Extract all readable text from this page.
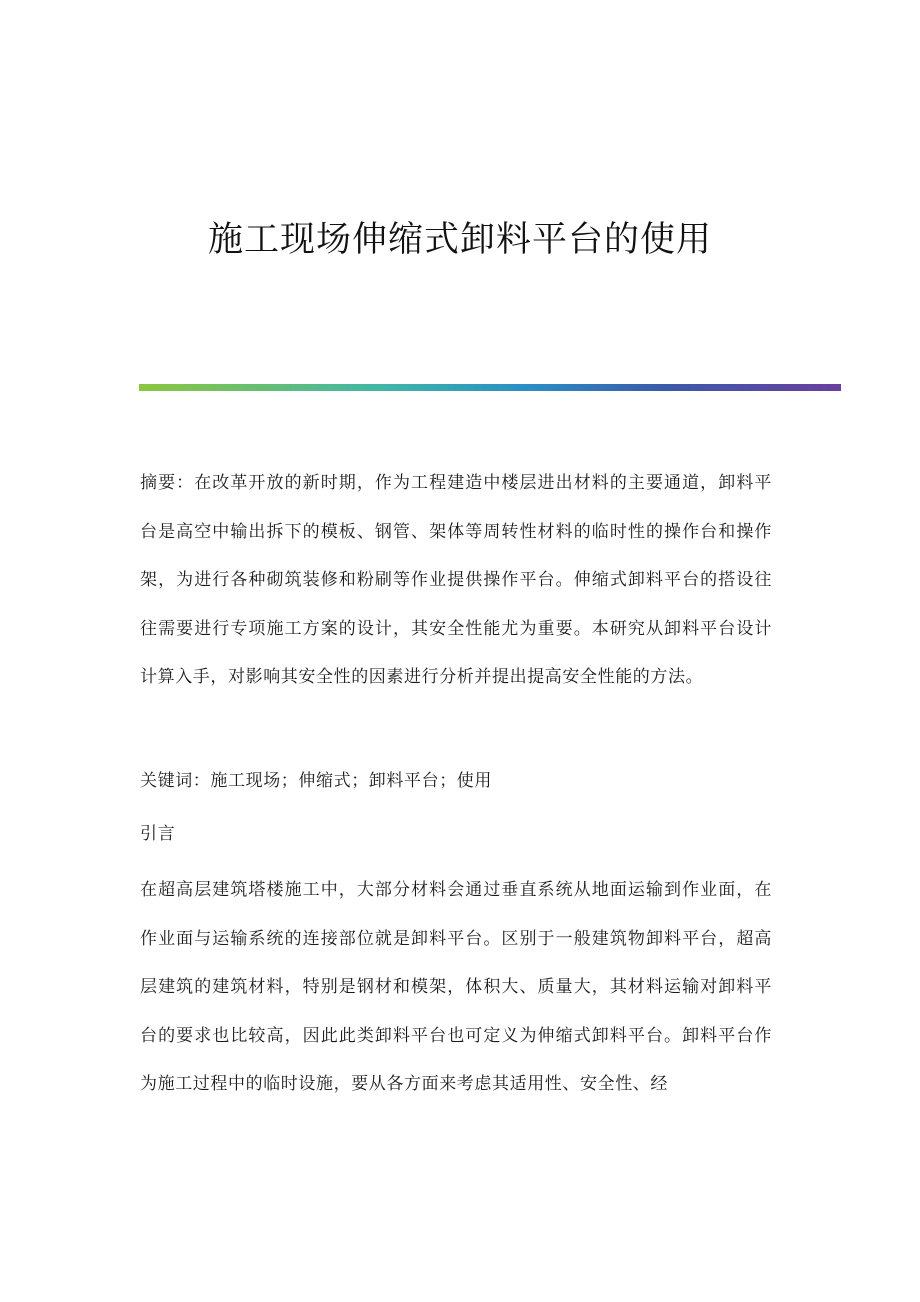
施工现场伸缩式卸料平台的使用
摘要：在改革开放的新时期，作为工程建造中楼层进出材料的主要通道，卸料平台是高空中输出拆下的模板、钢管、架体等周转性材料的临时性的操作台和操作架，为进行各种砌筑装修和粉刷等作业提供操作平台。伸缩式卸料平台的搭设往往需要进行专项施工方案的设计，其安全性能尤为重要。本研究从卸料平台设计计算入手，对影响其安全性的因素进行分析并提出提高安全性能的方法。
关键词：施工现场；伸缩式；卸料平台；使用
引言
在超高层建筑塔楼施工中，大部分材料会通过垂直系统从地面运输到作业面，在作业面与运输系统的连接部位就是卸料平台。区别于一般建筑物卸料平台，超高层建筑的建筑材料，特别是钢材和模架，体积大、质量大，其材料运输对卸料平台的要求也比较高，因此此类卸料平台也可定义为伸缩式卸料平台。卸料平台作为施工过程中的临时设施，要从各方面来考虑其适用性、安全性、经
